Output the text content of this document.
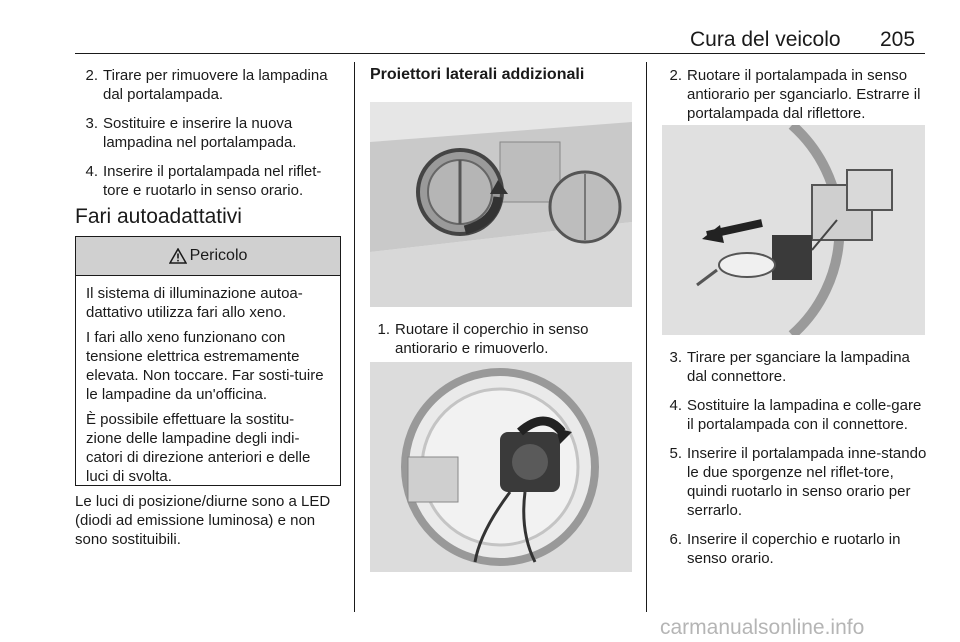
Cura del veicolo 205
2. Tirare per rimuovere la lampadina dal portalampada.
3. Sostituire e inserire la nuova lampadina nel portalampada.
4. Inserire il portalampada nel riflet-tore e ruotarlo in senso orario.
Fari autoadattativi
Pericolo

Il sistema di illuminazione autoa-dattativo utilizza fari allo xeno.

I fari allo xeno funzionano con tensione elettrica estremamente elevata. Non toccare. Far sosti-tuire le lampadine da un'officina.

È possibile effettuare la sostitu-zione delle lampadine degli indi-catori di direzione anteriori e delle luci di svolta.

Le luci di posizione/diurne sono a LED (diodi ad emissione luminosa) e non sono sostituibili.
Proiettori laterali addizionali
1. Ruotare il coperchio in senso antiorario e rimuoverlo.
2. Ruotare il portalampada in senso antiorario per sganciarlo. Estrarre il portalampada dal riflettore.
3. Tirare per sganciare la lampadina dal connettore.
4. Sostituire la lampadina e colle-gare il portalampada con il connettore.
5. Inserire il portalampada inne-stando le due sporgenze nel riflet-tore, quindi ruotarlo in senso orario per serrarlo.
6. Inserire il coperchio e ruotarlo in senso orario.
carmanualsonline.info
